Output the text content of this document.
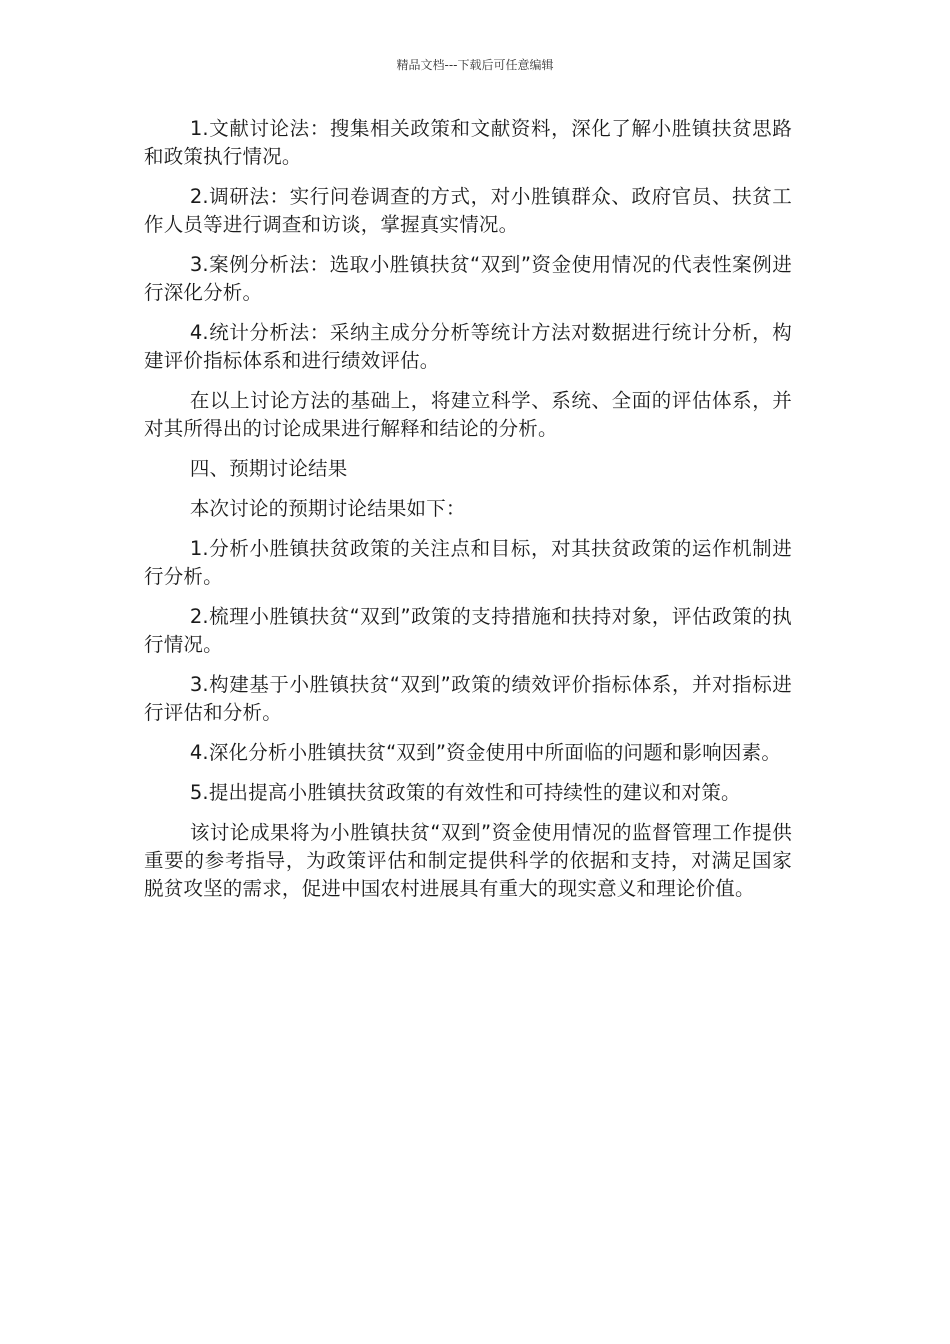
精品文档---下载后可任意编辑

1.文献讨论法：搜集相关政策和文献资料，深化了解小胜镇扶贫思路和政策执行情况。

2.调研法：实行问卷调查的方式，对小胜镇群众、政府官员、扶贫工作人员等进行调查和访谈，掌握真实情况。

3.案例分析法：选取小胜镇扶贫“双到”资金使用情况的代表性案例进行深化分析。

4.统计分析法：采纳主成分分析等统计方法对数据进行统计分析，构建评价指标体系和进行绩效评估。

在以上讨论方法的基础上，将建立科学、系统、全面的评估体系，并对其所得出的讨论成果进行解释和结论的分析。

四、预期讨论结果

本次讨论的预期讨论结果如下：

1.分析小胜镇扶贫政策的关注点和目标，对其扶贫政策的运作机制进行分析。

2.梳理小胜镇扶贫“双到”政策的支持措施和扶持对象，评估政策的执行情况。

3.构建基于小胜镇扶贫“双到”政策的绩效评价指标体系，并对指标进行评估和分析。

4.深化分析小胜镇扶贫“双到”资金使用中所面临的问题和影响因素。

5.提出提高小胜镇扶贫政策的有效性和可持续性的建议和对策。

该讨论成果将为小胜镇扶贫“双到”资金使用情况的监督管理工作提供重要的参考指导，为政策评估和制定提供科学的依据和支持，对满足国家脱贫攻坚的需求，促进中国农村进展具有重大的现实意义和理论价值。
